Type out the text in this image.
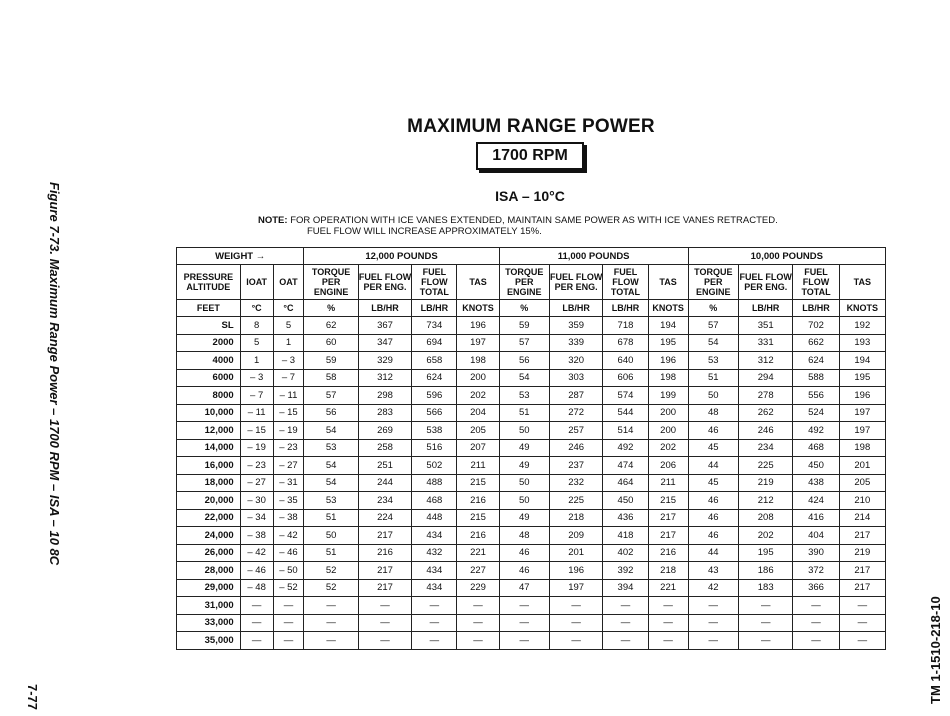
Figure 7-73. Maximum Range Power – 1700 RPM – ISA – 10 8C
7-77	TM 1-1510-218-10
MAXIMUM RANGE POWER
1700 RPM
ISA – 10°C
NOTE: FOR OPERATION WITH ICE VANES EXTENDED, MAINTAIN SAME POWER AS WITH ICE VANES RETRACTED.
FUEL FLOW WILL INCREASE APPROXIMATELY 15%.
WEIGHT →			12,000 POUNDS				11,000 POUNDS				10,000 POUNDS			
PRESSURE ALTITUDE	IOAT	OAT	TORQUE PER ENGINE	FUEL FLOW PER ENG.	FUEL FLOW TOTAL	TAS	TORQUE PER ENGINE	FUEL FLOW PER ENG.	FUEL FLOW TOTAL	TAS	TORQUE PER ENGINE	FUEL FLOW PER ENG.	FUEL FLOW TOTAL	TAS
FEET	°C	°C	%	LB/HR	LB/HR	KNOTS	%	LB/HR	LB/HR	KNOTS	%	LB/HR	LB/HR	KNOTS
SL	8	5	62	367	734	196	59	359	718	194	57	351	702	192
2000	5	1	60	347	694	197	57	339	678	195	54	331	662	193
4000	1	– 3	59	329	658	198	56	320	640	196	53	312	624	194
6000	– 3	– 7	58	312	624	200	54	303	606	198	51	294	588	195
8000	– 7	– 11	57	298	596	202	53	287	574	199	50	278	556	196
10,000	– 11	– 15	56	283	566	204	51	272	544	200	48	262	524	197
12,000	– 15	– 19	54	269	538	205	50	257	514	200	46	246	492	197
14,000	– 19	– 23	53	258	516	207	49	246	492	202	45	234	468	198
16,000	– 23	– 27	54	251	502	211	49	237	474	206	44	225	450	201
18,000	– 27	– 31	54	244	488	215	50	232	464	211	45	219	438	205
20,000	– 30	– 35	53	234	468	216	50	225	450	215	46	212	424	210
22,000	– 34	– 38	51	224	448	215	49	218	436	217	46	208	416	214
24,000	– 38	– 42	50	217	434	216	48	209	418	217	46	202	404	217
26,000	– 42	– 46	51	216	432	221	46	201	402	216	44	195	390	219
28,000	– 46	– 50	52	217	434	227	46	196	392	218	43	186	372	217
29,000	– 48	– 52	52	217	434	229	47	197	394	221	42	183	366	217
31,000	—	—	—	—	—	—	—	—	—	—	—	—	—	—
33,000	—	—	—	—	—	—	—	—	—	—	—	—	—	—
35,000	—	—	—	—	—	—	—	—	—	—	—	—	—	—
